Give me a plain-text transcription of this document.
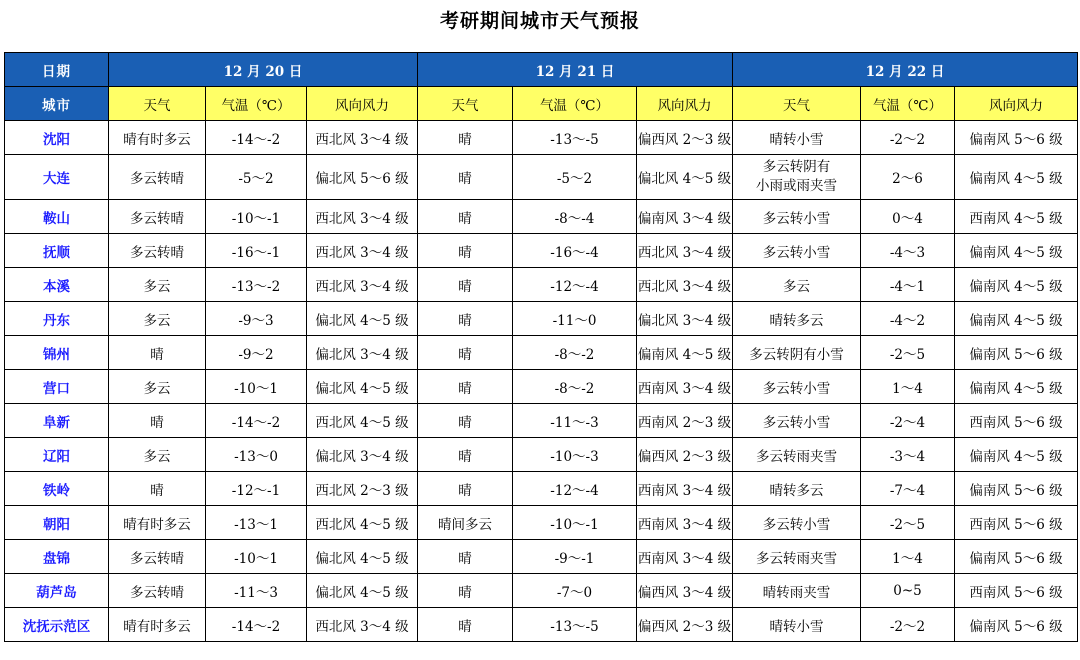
考研期间城市天气预报
日期	12 月 20 日			12 月 21 日			12 月 22 日		
城市	天气	气温（℃）	风向风力	天气	气温（℃）	风向风力	天气	气温（℃）	风向风力
沈阳	晴有时多云	-14～-2	西北风 3～4 级	晴	-13～-5	偏西风 2～3 级	晴转小雪	-2～2	偏南风 5～6 级
大连	多云转晴	-5～2	偏北风 5～6 级	晴	-5～2	偏北风 4～5 级	多云转阴有
小雨或雨夹雪	2～6	偏南风 4～5 级
鞍山	多云转晴	-10～-1	西北风 3～4 级	晴	-8～-4	偏南风 3～4 级	多云转小雪	0～4	西南风 4～5 级
抚顺	多云转晴	-16～-1	西北风 3～4 级	晴	-16～-4	西北风 3～4 级	多云转小雪	-4～3	偏南风 4～5 级
本溪	多云	-13～-2	西北风 3～4 级	晴	-12～-4	西北风 3～4 级	多云	-4～1	偏南风 4～5 级
丹东	多云	-9～3	偏北风 4～5 级	晴	-11～0	偏北风 3～4 级	晴转多云	-4～2	偏南风 4～5 级
锦州	晴	-9～2	偏北风 3～4 级	晴	-8～-2	偏南风 4～5 级	多云转阴有小雪	-2～5	偏南风 5～6 级
营口	多云	-10～1	偏北风 4～5 级	晴	-8～-2	西南风 3～4 级	多云转小雪	1～4	偏南风 4～5 级
阜新	晴	-14～-2	西北风 4～5 级	晴	-11～-3	西南风 2～3 级	多云转小雪	-2～4	西南风 5～6 级
辽阳	多云	-13～0	偏北风 3～4 级	晴	-10～-3	偏西风 2～3 级	多云转雨夹雪	-3～4	偏南风 4～5 级
铁岭	晴	-12～-1	西北风 2～3 级	晴	-12～-4	西南风 3～4 级	晴转多云	-7～4	偏南风 5～6 级
朝阳	晴有时多云	-13～1	西北风 4～5 级	晴间多云	-10～-1	西南风 3～4 级	多云转小雪	-2～5	西南风 5～6 级
盘锦	多云转晴	-10～1	偏北风 4～5 级	晴	-9～-1	西南风 3～4 级	多云转雨夹雪	1～4	偏南风 5～6 级
葫芦岛	多云转晴	-11～3	偏北风 4～5 级	晴	-7～0	偏西风 3～4 级	晴转雨夹雪	0~5	西南风 5～6 级
沈抚示范区	晴有时多云	-14～-2	西北风 3～4 级	晴	-13～-5	偏西风 2～3 级	晴转小雪	-2～2	偏南风 5～6 级
